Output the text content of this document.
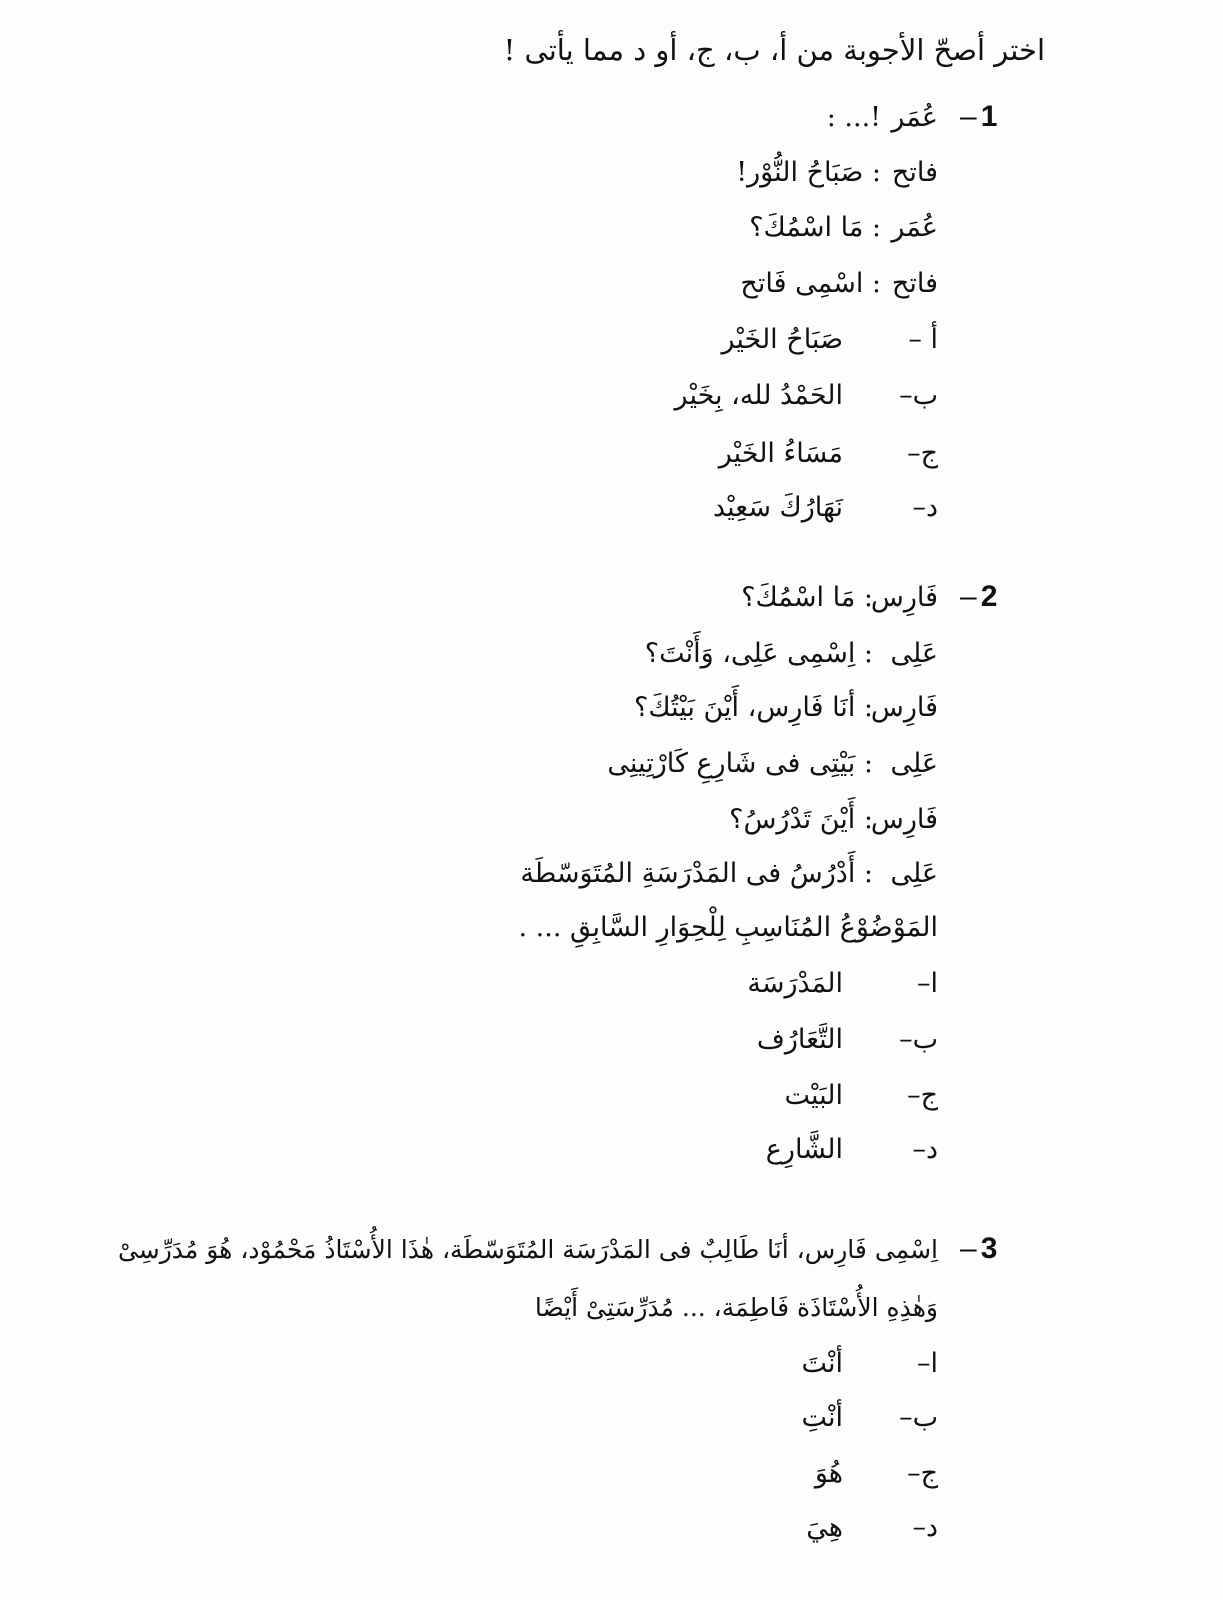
اختر أصحّ الأجوبة من أ، ب، ج، أو د مما يأتى !
– 1
عُمَر
: ...!
فاتح
: صَبَاحُ النُّوْر!
عُمَر
: مَا اسْمُكَ؟
فاتح
: اسْمِى فَاتح
أ –
صَبَاحُ الخَيْر
ب–
الحَمْدُ لله، بِخَيْر
ج–
مَسَاءُ الخَيْر
د–
نَهَارُكَ سَعِيْد
– 2
فَارِس
: مَا اسْمُكَ؟
عَلِى
: اِسْمِى عَلِى، وَأَنْتَ؟
فَارِس
: أنَا فَارِس، أَيْنَ بَيْتُكَ؟
عَلِى
: بَيْتِى فى شَارِعِ كَارْتِينِى
فَارِس
: أَيْنَ تَدْرُسُ؟
عَلِى
: أَدْرُسُ فى المَدْرَسَةِ المُتَوَسّطَة
المَوْضُوْعُ المُنَاسِبِ لِلْحِوَارِ السَّابِقِ ... .
ا–
المَدْرَسَة
ب–
التَّعَارُف
ج–
البَيْت
د–
الشَّارِع
– 3
اِسْمِى فَارِس، أنَا طَالِبٌ فى المَدْرَسَة المُتَوَسّطَة، هٰذَا الأُسْتَاذُ مَحْمُوْد، هُوَ مُدَرِّسِىْ
وَهٰذِهِ الأُسْتَاذَة فَاطِمَة، ... مُدَرِّسَتِىْ أَيْضًا
ا–
أنْتَ
ب–
أنْتِ
ج–
هُوَ
د–
هِيَ
